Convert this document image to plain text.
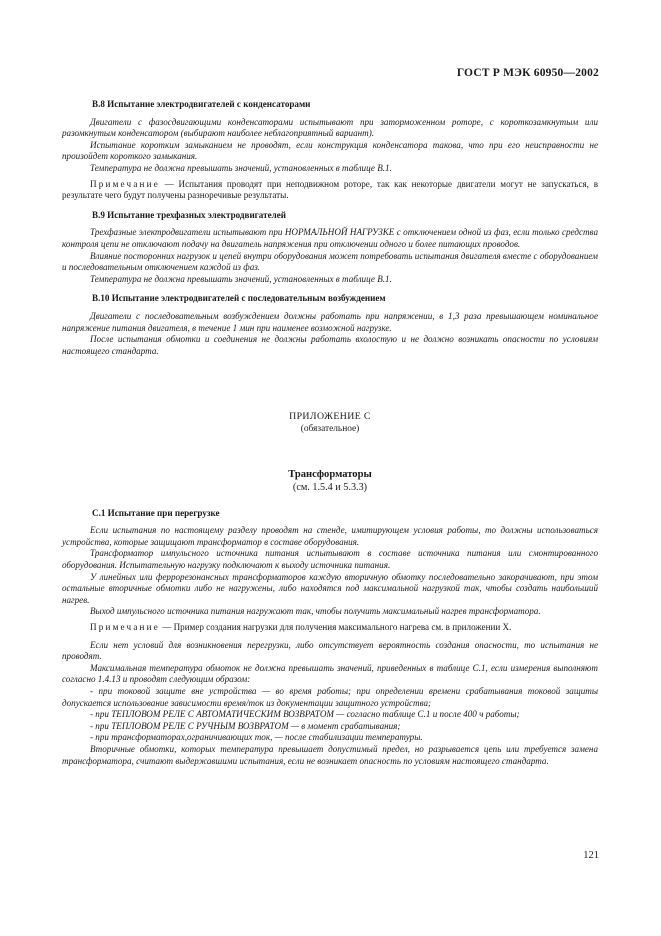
ГОСТ Р МЭК 60950—2002
В.8 Испытание электродвигателей с конденсаторами

Двигатели с фазосдвигающими конденсаторами испытывают при заторможенном роторе, с короткозамкнутым или разомкнутым конденсатором (выбирают наиболее неблагоприятный вариант).

Испытание коротким замыканием не проводят, если конструкция конденсатора такова, что при его неисправности не произойдет короткого замыкания.

Температура не должна превышать значений, установленных в таблице В.1.

Примечание — Испытания проводят при неподвижном роторе, так как некоторые двигатели могут не запускаться, в результате чего будут получены разноречивые результаты.

В.9 Испытание трехфазных электродвигателей

Трехфазные электродвигатели испытывают при НОРМАЛЬНОЙ НАГРУЗКЕ с отключением одной из фаз, если только средства контроля цепи не отключают подачу на двигатель напряжения при отключении одного и более питающих проводов.

Влияние посторонних нагрузок и цепей внутри оборудования может потребовать испытания двигателя вместе с оборудованием и последовательным отключением каждой из фаз.

Температура не должна превышать значений, установленных в таблице В.1.

В.10 Испытание электродвигателей с последовательным возбуждением

Двигатели с последовательным возбуждением должны работать при напряжении, в 1,3 раза превышающем номинальное напряжение питания двигателя, в течение 1 мин при наименее возможной нагрузке.

После испытания обмотки и соединения не должны работать вхолостую и не должно возникать опасности по условиям настоящего стандарта.

ПРИЛОЖЕНИЕ С
(обязательное)
Трансформаторы
(см. 1.5.4 и 5.3.3)
С.1 Испытание при перегрузке

Если испытания по настоящему разделу проводят на стенде, имитирующем условия работы, то должны использоваться устройства, которые защищают трансформатор в составе оборудования.

Трансформатор импульсного источника питания испытывают в составе источника питания или смонтированного оборудования. Испытательную нагрузку подключают к выходу источника питания.

У линейных или феррорезонансных трансформаторов каждую вторичную обмотку последовательно закорачивают, при этом остальные вторичные обмотки либо не нагружены, либо находятся под максимальной нагрузкой так, чтобы создать наибольший нагрев.

Выход импульсного источника питания нагружают так, чтобы получить максимальный нагрев трансформатора.

Примечание — Пример создания нагрузки для получения максимального нагрева см. в приложении X.

Если нет условий для возникновения перегрузки, либо отсутствует вероятность создания опасности, то испытания не проводят.

Максимальная температура обмоток не должна превышать значений, приведенных в таблице С.1, если измерения выполняют согласно 1.4.13 и проводят следующим образом:

- при токовой защите вне устройства — во время работы; при определении времени срабатывания токовой защиты допускается использование зависимости время/ток из документации защитного устройства;

- при ТЕПЛОВОМ РЕЛЕ С АВТОМАТИЧЕСКИМ ВОЗВРАТОМ — согласно таблице С.1 и после 400 ч работы;

- при ТЕПЛОВОМ РЕЛЕ С РУЧНЫМ ВОЗВРАТОМ — в момент срабатывания;

- при трансформаторах,ограничивающих ток, — после стабилизации температуры.

Вторичные обмотки, которых температура превышает допустимый предел, но разрывается цепь или требуется замена трансформатора, считают выдержавшими испытания, если не возникает опасность по условиям настоящего стандарта.

121
